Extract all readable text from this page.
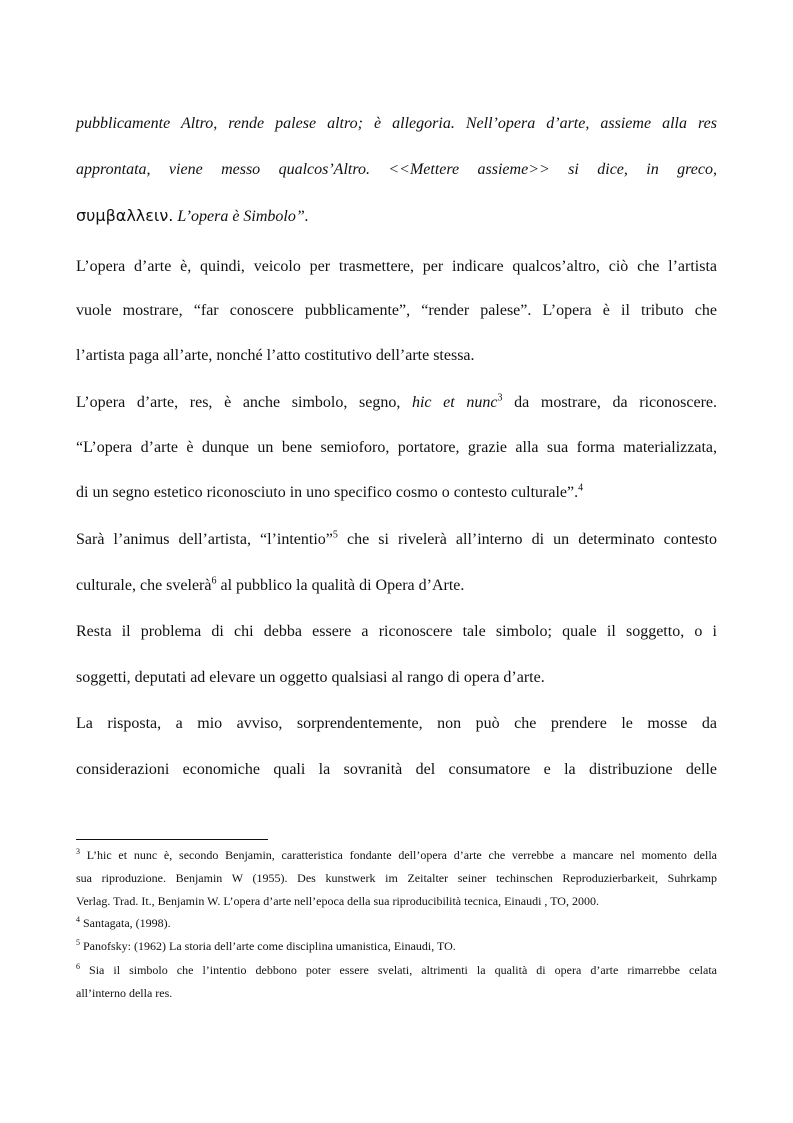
pubblicamente Altro, rende palese altro; è allegoria. Nell’opera d’arte, assieme alla res
approntata, viene messo qualcos’Altro. <<Mettere assieme>> si dice, in greco,
συμβαλλειν. L’opera è Simbolo”.
L’opera d’arte è, quindi, veicolo per trasmettere, per indicare qualcos’altro, ciò che l’artista
vuole mostrare, “far conoscere pubblicamente”, “render palese”. L’opera è il tributo che
l’artista paga all’arte, nonché l’atto costitutivo dell’arte stessa.
L’opera d’arte, res, è anche simbolo, segno, hic et nunc$^3$ da mostrare, da riconoscere.
“L’opera d’arte è dunque un bene semioforo, portatore, grazie alla sua forma materializzata,
di un segno estetico riconosciuto in uno specifico cosmo o contesto culturale”.$^4$
Sarà l’animus dell’artista, “l’intentio”$^5$ che si rivelerà all’interno di un determinato contesto
culturale, che svelerà$^6$ al pubblico la qualità di Opera d’Arte.
Resta il problema di chi debba essere a riconoscere tale simbolo; quale il soggetto, o i
soggetti, deputati ad elevare un oggetto qualsiasi al rango di opera d’arte.
La risposta, a mio avviso, sorprendentemente, non può che prendere le mosse da
considerazioni economiche quali la sovranità del consumatore e la distribuzione delle
$^3$ L’hic et nunc è, secondo Benjamin, caratteristica fondante dell’opera d’arte che verrebbe a mancare nel momento della
sua riproduzione. Benjamin W (1955). Des kunstwerk im Zeitalter seiner techinschen Reproduzierbarkeit, Suhrkamp
Verlag. Trad. It., Benjamin W. L’opera d’arte nell’epoca della sua riproducibilità tecnica, Einaudi , TO, 2000.
$^4$ Santagata, (1998).
$^5$ Panofsky: (1962) La storia dell’arte come disciplina umanistica, Einaudi, TO.
$^6$ Sia il simbolo che l’intentio debbono poter essere svelati, altrimenti la qualità di opera d’arte rimarrebbe celata
all’interno della res.
